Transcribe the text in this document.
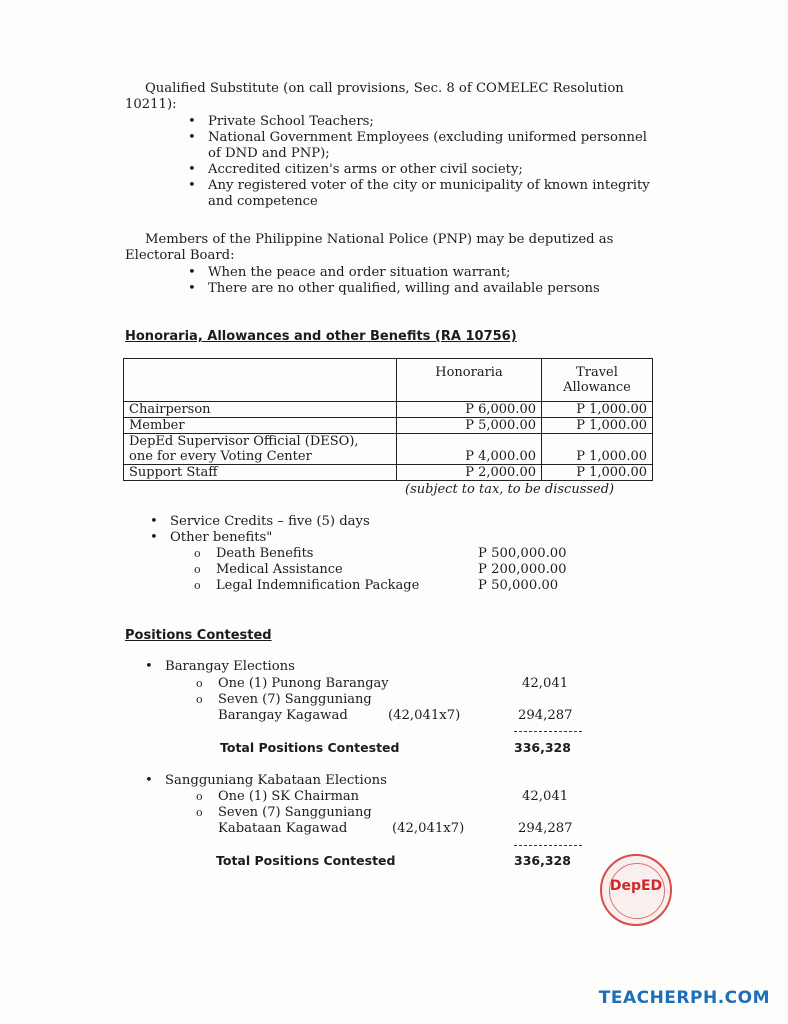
Qualified Substitute (on call provisions, Sec. 8 of COMELEC Resolution
10211):
• Private School Teachers;
• National Government Employees (excluding uniformed personnel
of DND and PNP);
• Accredited citizen's arms or other civil society;
• Any registered voter of the city or municipality of known integrity
and competence
Members of the Philippine National Police (PNP) may be deputized as
Electoral Board:
• When the peace and order situation warrant;
• There are no other qualified, willing and available persons
Honoraria, Allowances and other Benefits (RA 10756)
	Honoraria	Travel
Allowance
Chairperson	P 6,000.00	P 1,000.00
Member	P 5,000.00	P 1,000.00
DepEd Supervisor Official (DESO),
one for every Voting Center	P 4,000.00	P 1,000.00
Support Staff	P 2,000.00	P 1,000.00
(subject to tax, to be discussed)
• Service Credits – five (5) days
• Other benefits"
o Death Benefits	P 500,000.00
o Medical Assistance	P 200,000.00
o Legal Indemnification Package	P 50,000.00
Positions Contested
• Barangay Elections
o One (1) Punong Barangay	42,041
o Seven (7) Sangguniang
Barangay Kagawad	(42,041x7)	294,287
Total Positions Contested	336,328
• Sangguniang Kabataan Elections
o One (1) SK Chairman	42,041
o Seven (7) Sangguniang
Kabataan Kagawad	(42,041x7)	294,287
Total Positions Contested	336,328
DepED
TEACHERPH.COM
